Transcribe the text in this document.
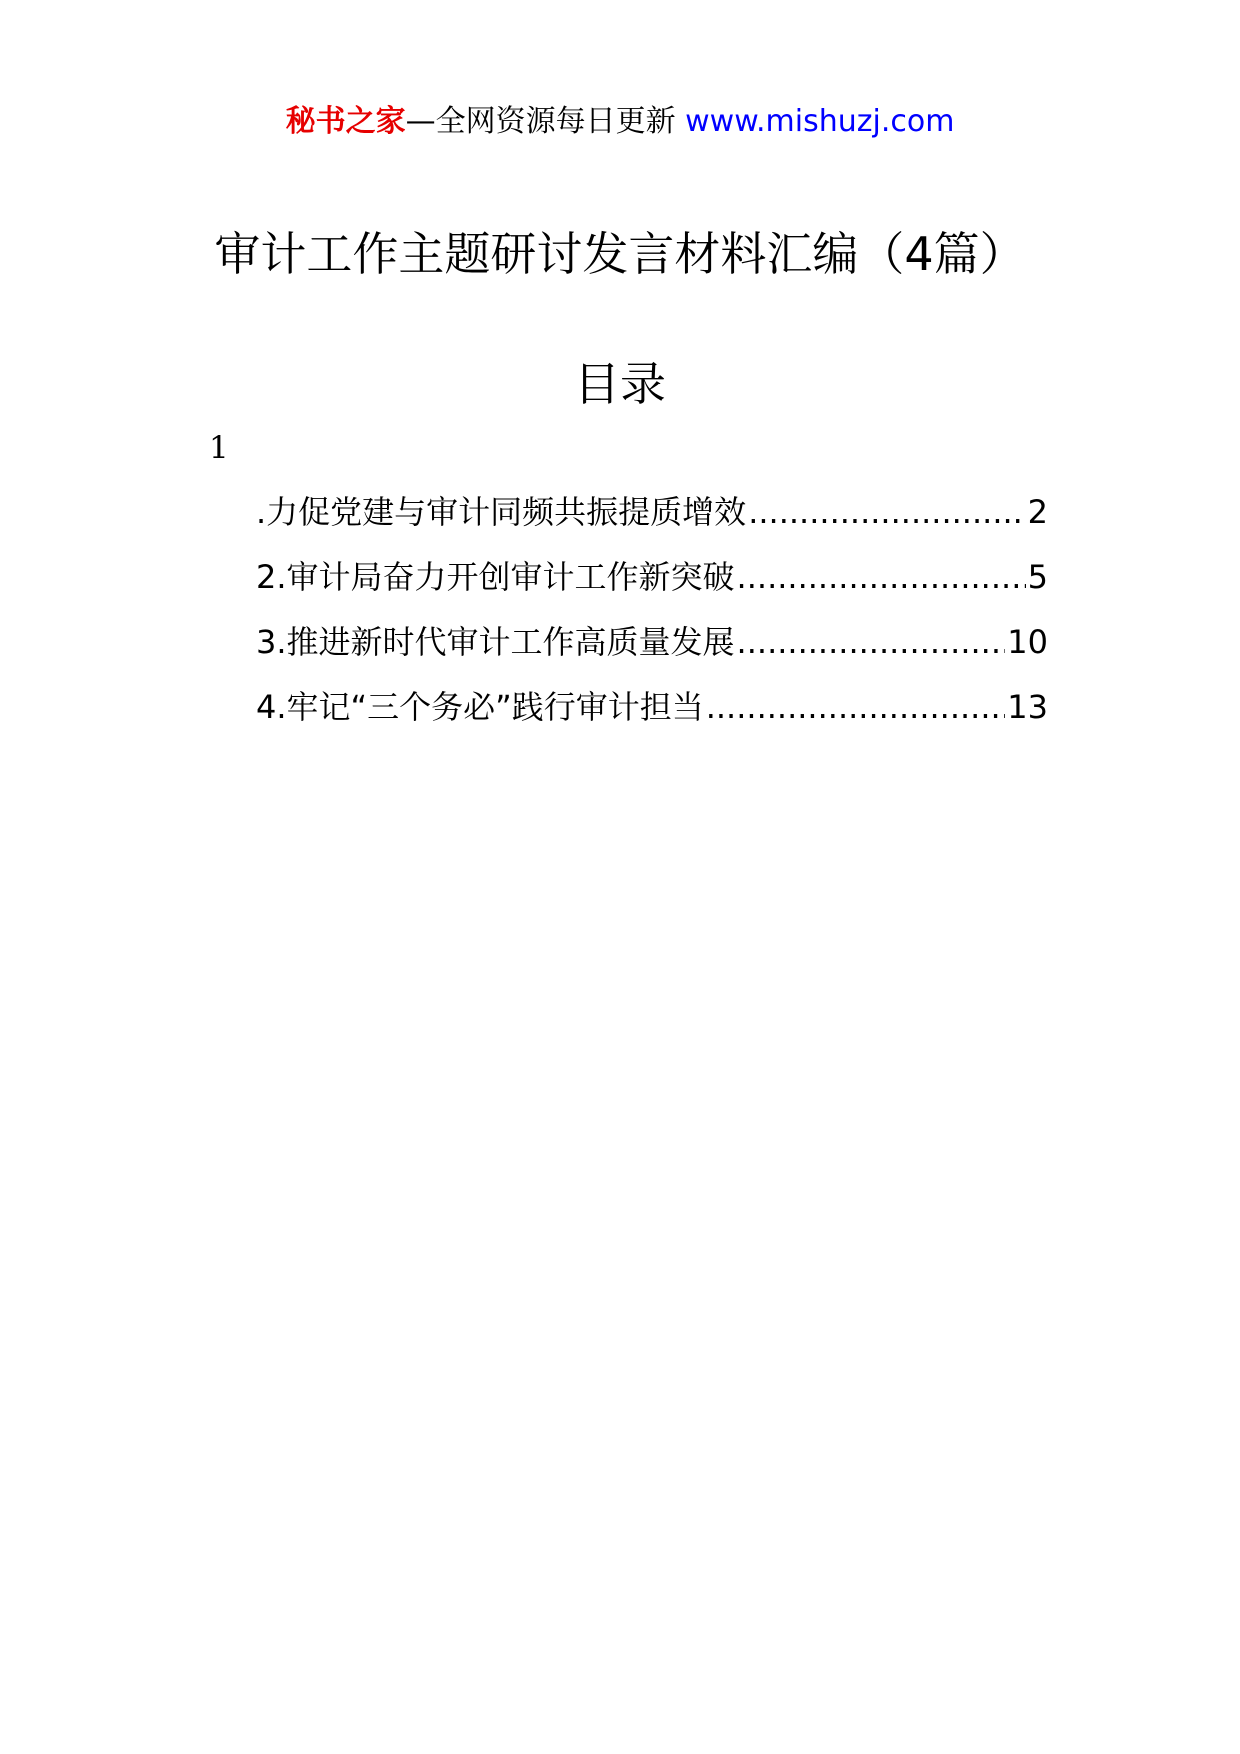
秘书之家—全网资源每日更新 www.mishuzj.com
审计工作主题研讨发言材料汇编（4篇）
目录
1
.力促党建与审计同频共振提质增效 .....	2
2.审计局奋力开创审计工作新突破 .....	5
3.推进新时代审计工作高质量发展 .....	10
4.牢记“三个务必”践行审计担当 .....	13
